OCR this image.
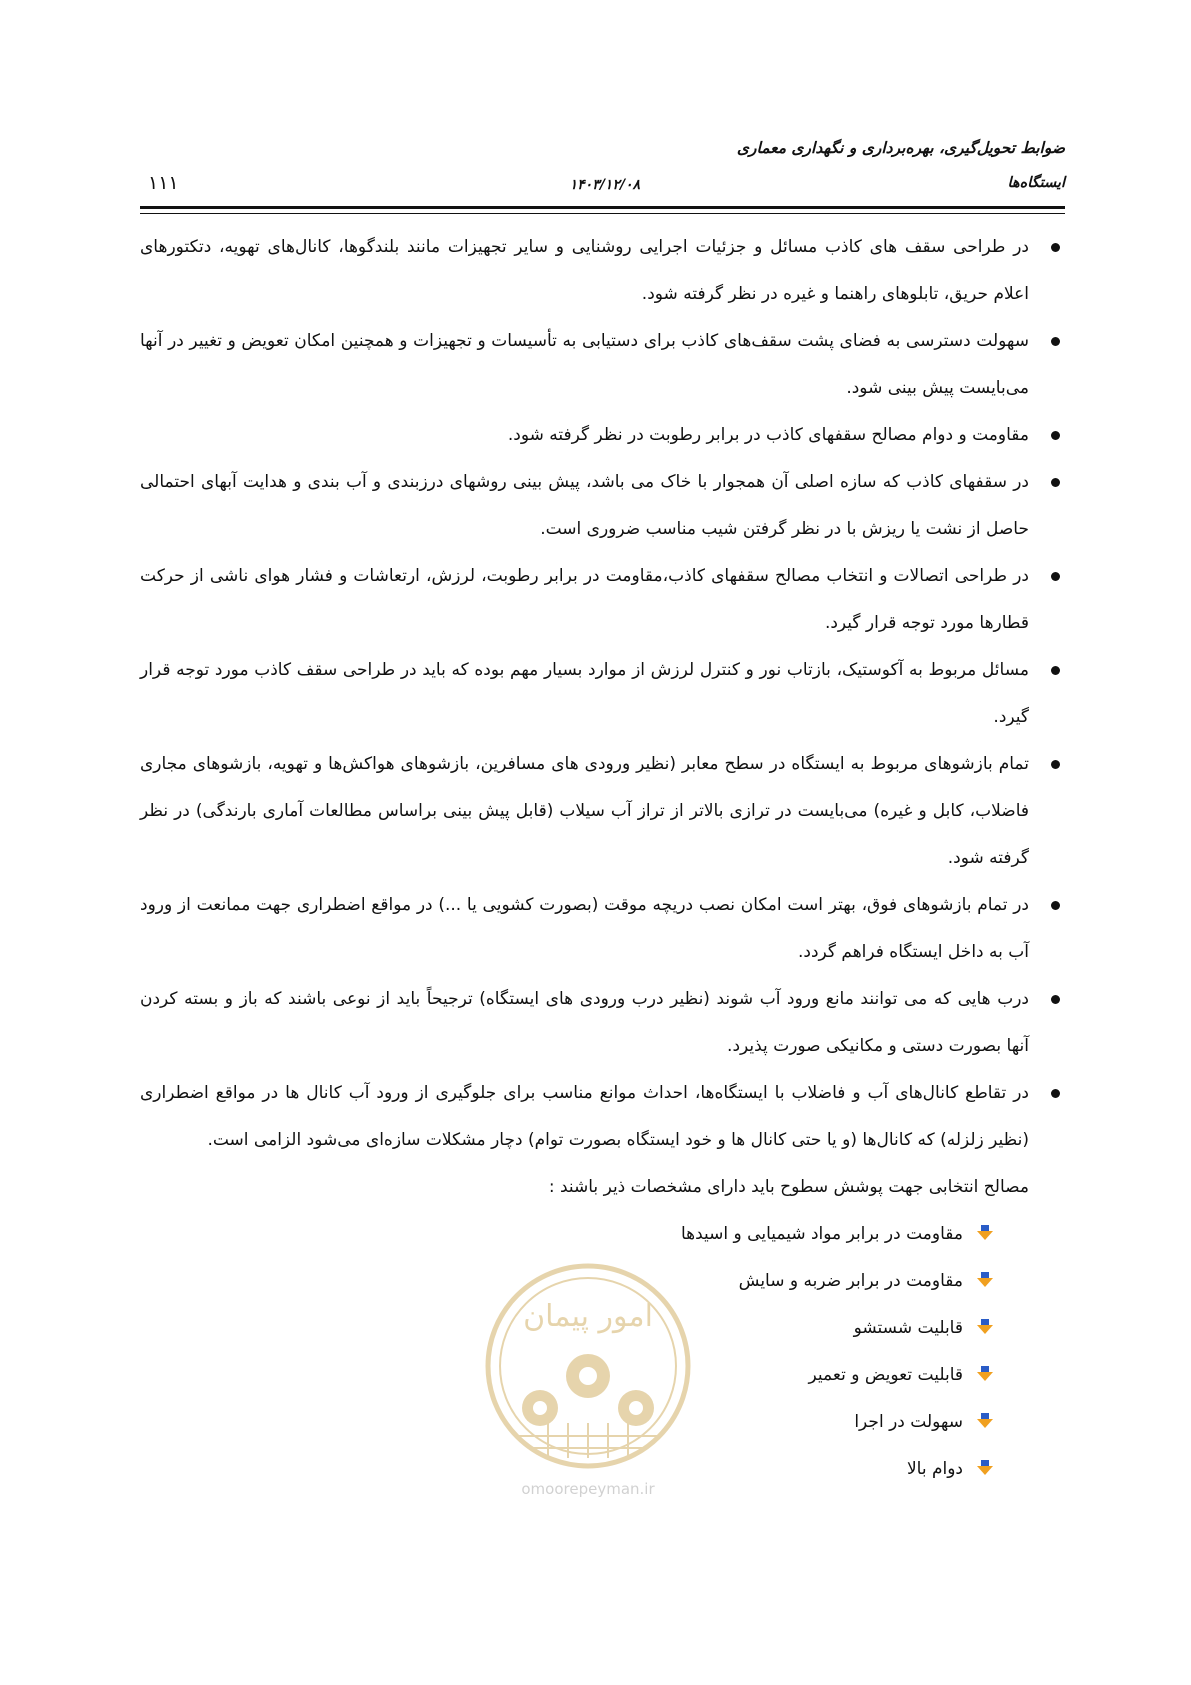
ضوابط تحویل‌گیری، بهره‌برداری و نگهداری معماری
ایستگاه‌ها
۱۴۰۳/۱۲/۰۸
۱۱۱
در طراحی سقف های کاذب مسائل و جزئیات اجرایی روشنایی و سایر تجهیزات مانند بلندگوها، کانال‌های تهویه، دتکتورهای اعلام حریق، تابلوهای راهنما و غیره در نظر گرفته شود.
سهولت دسترسی به فضای پشت سقف‌های کاذب برای دستیابی به تأسیسات و تجهیزات و همچنین امکان تعویض و تغییر در آنها می‌بایست پیش بینی شود.
مقاومت و دوام مصالح سقفهای کاذب در برابر رطوبت در نظر گرفته شود.
در سقفهای کاذب که سازه اصلی آن همجوار با خاک می باشد، پیش بینی روشهای درزبندی و آب بندی و هدایت آبهای احتمالی حاصل از نشت یا ریزش با در نظر گرفتن شیب مناسب ضروری است.
در طراحی اتصالات و انتخاب مصالح سقفهای کاذب،مقاومت در برابر رطوبت، لرزش، ارتعاشات و فشار هوای ناشی از حرکت قطارها مورد توجه قرار گیرد.
مسائل مربوط به آکوستیک، بازتاب نور و کنترل لرزش از موارد بسیار مهم بوده که باید در طراحی سقف کاذب مورد توجه قرار گیرد.
تمام بازشوهای مربوط به ایستگاه در سطح معابر (نظیر ورودی های مسافرین، بازشوهای هواکش‌ها و تهویه، بازشوهای مجاری فاضلاب، کابل و غیره) می‌بایست در ترازی بالاتر از تراز آب سیلاب (قابل پیش بینی براساس مطالعات آماری بارندگی) در نظر گرفته شود.
در تمام بازشوهای فوق، بهتر است امکان نصب دریچه موقت (بصورت کشویی یا ...) در مواقع اضطراری جهت ممانعت از ورود آب به داخل ایستگاه فراهم گردد.
درب هایی که می توانند مانع ورود آب شوند (نظیر درب ورودی های ایستگاه) ترجیحاً باید از نوعی باشند که باز و بسته کردن آنها بصورت دستی و مکانیکی صورت پذیرد.
در تقاطع کانال‌های آب و فاضلاب با ایستگاه‌ها، احداث موانع مناسب برای جلوگیری از ورود آب کانال ها در مواقع اضطراری (نظیر زلزله) که کانال‌ها (و یا حتی کانال ها و خود ایستگاه بصورت توام) دچار مشکلات سازه‌ای می‌شود الزامی است.

مصالح انتخابی جهت پوشش سطوح باید دارای مشخصات ذیر باشند :

مقاومت در برابر مواد شیمیایی و اسیدها
مقاومت در برابر ضربه و سایش
قابلیت شستشو
قابلیت تعویض و تعمیر
سهولت در اجرا
دوام بالا
امور پیمان
omoorepeyman.ir
